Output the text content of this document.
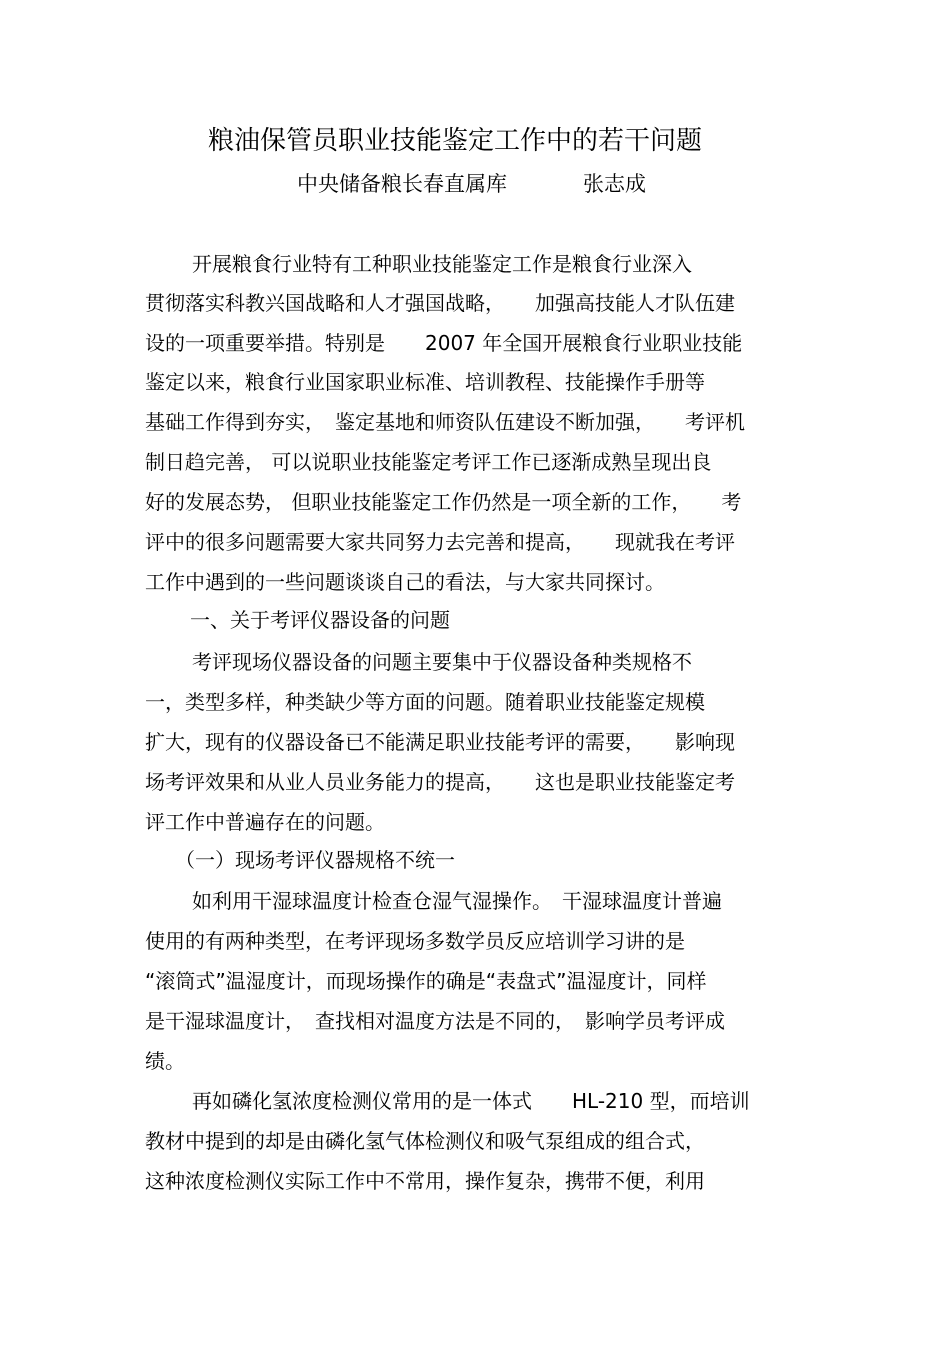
粮油保管员职业技能鉴定工作中的若干问题
中央储备粮长春直属库	张志成
开展粮食行业特有工种职业技能鉴定工作是粮食行业深入
贯彻落实科教兴国战略和人才强国战略，　　加强高技能人才队伍建
设的一项重要举措。特别是　　2007 年全国开展粮食行业职业技能
鉴定以来，粮食行业国家职业标准、培训教程、技能操作手册等
基础工作得到夯实，　鉴定基地和师资队伍建设不断加强，　　考评机
制日趋完善， 可以说职业技能鉴定考评工作已逐渐成熟呈现出良
好的发展态势， 但职业技能鉴定工作仍然是一项全新的工作，　　考
评中的很多问题需要大家共同努力去完善和提高，　　现就我在考评
工作中遇到的一些问题谈谈自己的看法，与大家共同探讨。
一、关于考评仪器设备的问题
考评现场仪器设备的问题主要集中于仪器设备种类规格不
一，类型多样，种类缺少等方面的问题。随着职业技能鉴定规模
扩大，现有的仪器设备已不能满足职业技能考评的需要，　　影响现
场考评效果和从业人员业务能力的提高，　　这也是职业技能鉴定考
评工作中普遍存在的问题。
（一）现场考评仪器规格不统一
如利用干湿球温度计检查仓湿气湿操作。　干湿球温度计普遍
使用的有两种类型，在考评现场多数学员反应培训学习讲的是
“滚筒式”温湿度计，而现场操作的确是“表盘式”温湿度计，同样
是干湿球温度计，　查找相对温度方法是不同的，　影响学员考评成
绩。
再如磷化氢浓度检测仪常用的是一体式　　HL-210 型，而培训
教材中提到的却是由磷化氢气体检测仪和吸气泵组成的组合式，
这种浓度检测仪实际工作中不常用，操作复杂，携带不便，利用
